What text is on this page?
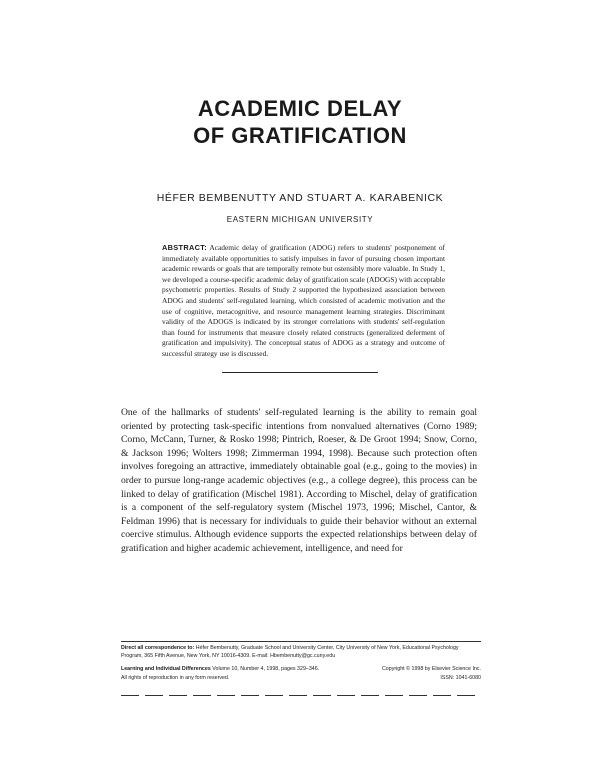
ACADEMIC DELAY
OF GRATIFICATION
HÉFER BEMBENUTTY AND STUART A. KARABENICK
EASTERN MICHIGAN UNIVERSITY
ABSTRACT: Academic delay of gratification (ADOG) refers to students' postponement of immediately available opportunities to satisfy impulses in favor of pursuing chosen important academic rewards or goals that are temporally remote but ostensibly more valuable. In Study 1, we developed a course-specific academic delay of gratification scale (ADOGS) with acceptable psychometric properties. Results of Study 2 supported the hypothesized association between ADOG and students' self-regulated learning, which consisted of academic motivation and the use of cognitive, metacognitive, and resource management learning strategies. Discriminant validity of the ADOGS is indicated by its stronger correlations with students' self-regulation than found for instruments that measure closely related constructs (generalized deferment of gratification and impulsivity). The conceptual status of ADOG as a strategy and outcome of successful strategy use is discussed.

One of the hallmarks of students' self-regulated learning is the ability to remain goal oriented by protecting task-specific intentions from nonvalued alternatives (Corno 1989; Corno, McCann, Turner, & Rosko 1998; Pintrich, Roeser, & De Groot 1994; Snow, Corno, & Jackson 1996; Wolters 1998; Zimmerman 1994, 1998). Because such protection often involves foregoing an attractive, immediately obtainable goal (e.g., going to the movies) in order to pursue long-range academic objectives (e.g., a college degree), this process can be linked to delay of gratification (Mischel 1981). According to Mischel, delay of gratification is a component of the self-regulatory system (Mischel 1973, 1996; Mischel, Cantor, & Feldman 1996) that is necessary for individuals to guide their behavior without an external coercive stimulus. Although evidence supports the expected relationships between delay of gratification and higher academic achievement, intelligence, and need for

Direct all correspondence to: Héfer Bembenutty, Graduate School and University Center, City University of New York, Educational Psychology Program, 365 Fifth Avenue, New York, NY 10016-4309. E-mail: Hbembenutty@gc.cuny.edu
Learning and Individual Differences Volume 10, Number 4, 1998, pages 329–346.	Copyright © 1998 by Elsevier Science Inc.
All rights of reproduction in any form reserved.	ISSN: 1041-6080
